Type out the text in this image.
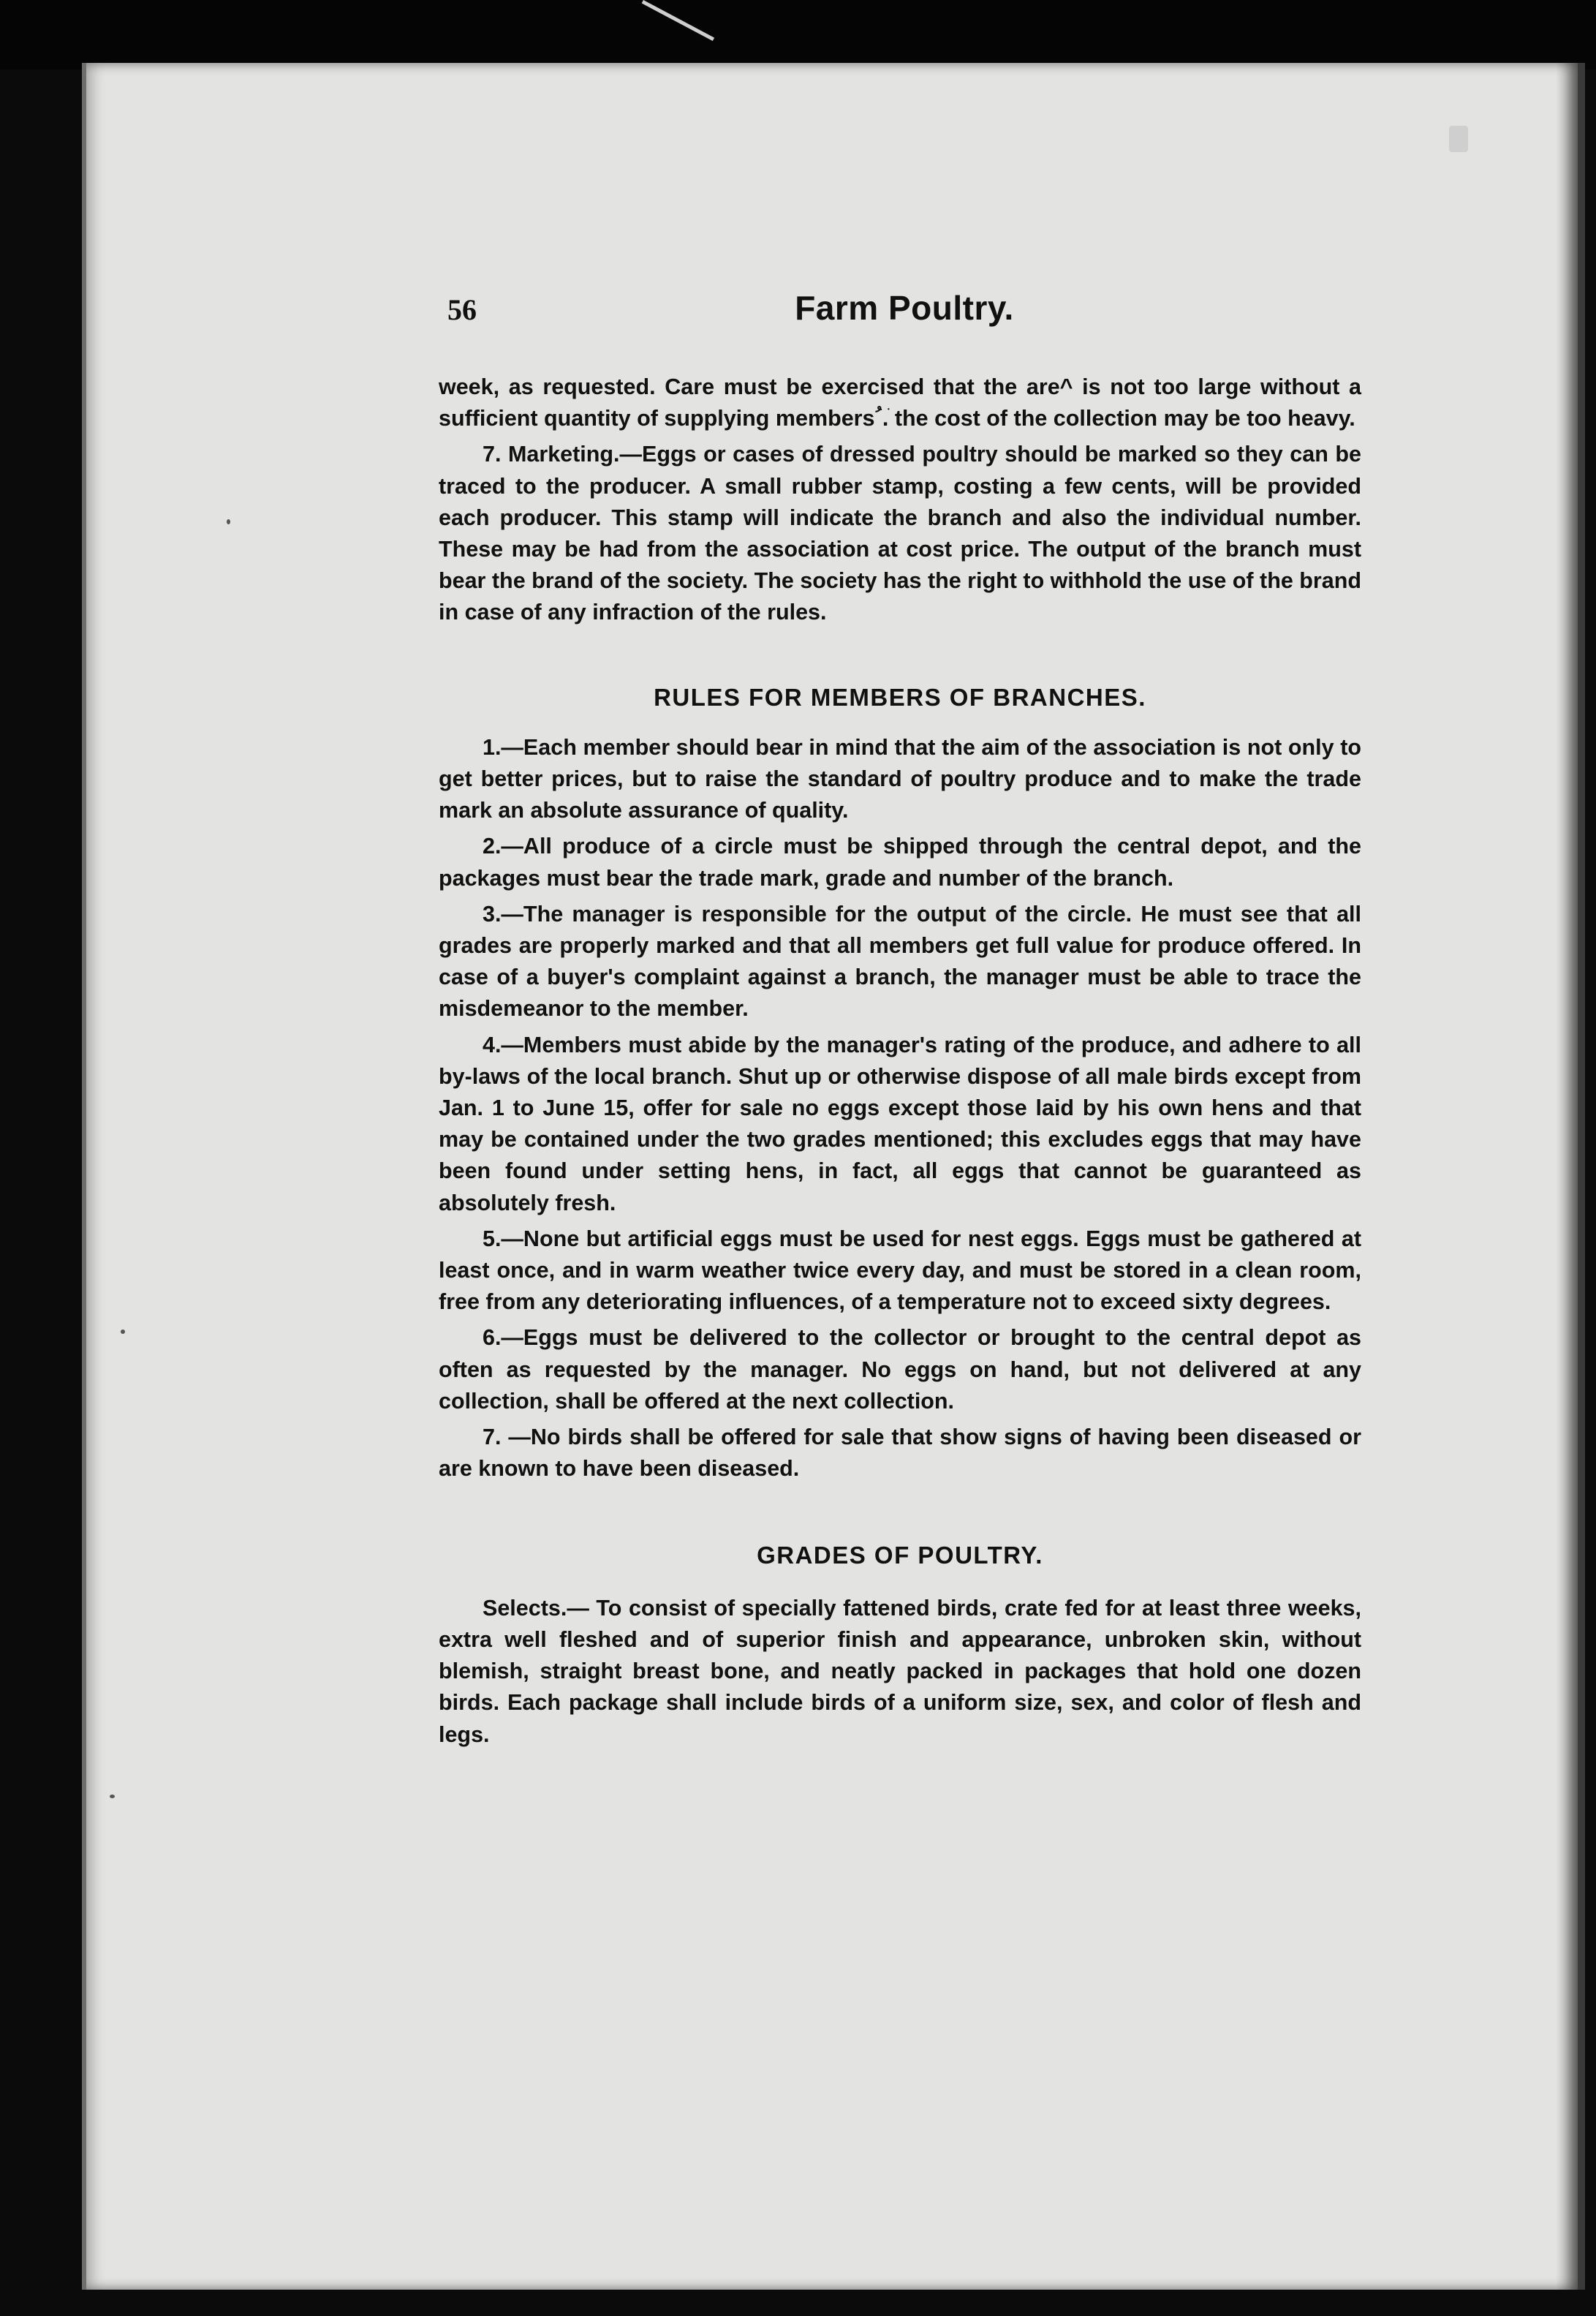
56	Farm Poultry.

week, as requested. Care must be exercised that the are^ is not too large without a sufficient quantity of supplying members ُ.ׁ the cost of the collection may be too heavy.

7. Marketing.—Eggs or cases of dressed poultry should be marked so they can be traced to the producer. A small rubber stamp, costing a few cents, will be provided each producer. This stamp will indicate the branch and also the individual number. These may be had from the association at cost price. The output of the branch must bear the brand of the society. The society has the right to withhold the use of the brand in case of any infraction of the rules.

RULES FOR MEMBERS OF BRANCHES.

1.—Each member should bear in mind that the aim of the association is not only to get better prices, but to raise the standard of poultry produce and to make the trade mark an absolute assurance of quality.

2.—All produce of a circle must be shipped through the central depot, and the packages must bear the trade mark, grade and number of the branch.

3.—The manager is responsible for the output of the circle. He must see that all grades are properly marked and that all members get full value for produce offered. In case of a buyer's complaint against a branch, the manager must be able to trace the misdemeanor to the member.

4.—Members must abide by the manager's rating of the produce, and adhere to all by-laws of the local branch. Shut up or otherwise dispose of all male birds except from Jan. 1 to June 15, offer for sale no eggs except those laid by his own hens and that may be contained under the two grades mentioned; this excludes eggs that may have been found under setting hens, in fact, all eggs that cannot be guaranteed as absolutely fresh.

5.—None but artificial eggs must be used for nest eggs. Eggs must be gathered at least once, and in warm weather twice every day, and must be stored in a clean room, free from any deteriorating influences, of a temperature not to exceed sixty degrees.

6.—Eggs must be delivered to the collector or brought to the central depot as often as requested by the manager. No eggs on hand, but not delivered at any collection, shall be offered at the next collection.

7. —No birds shall be offered for sale that show signs of having been diseased or are known to have been diseased.

GRADES OF POULTRY.

Selects.— To consist of specially fattened birds, crate fed for at least three weeks, extra well fleshed and of superior finish and appearance, unbroken skin, without blemish, straight breast bone, and neatly packed in packages that hold one dozen birds. Each package shall include birds of a uniform size, sex, and color of flesh and legs.
